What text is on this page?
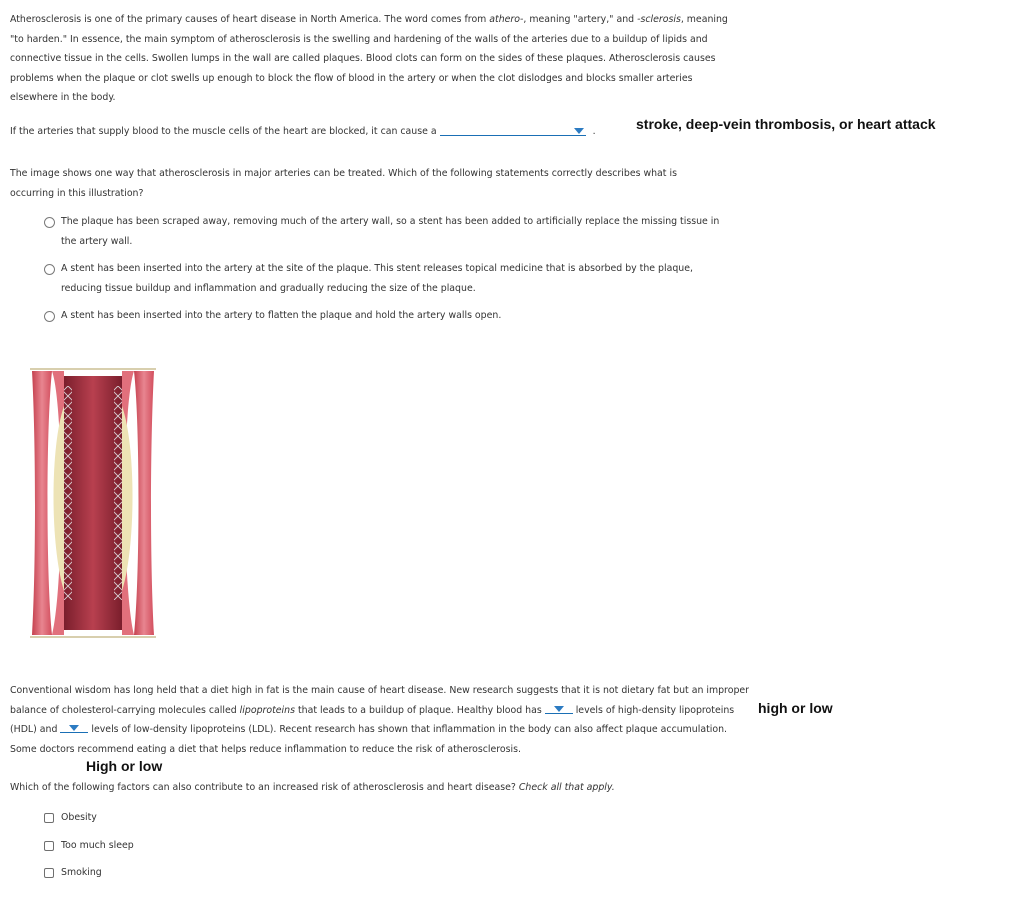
Atherosclerosis is one of the primary causes of heart disease in North America. The word comes from athero-, meaning "artery," and -sclerosis, meaning "to harden." In essence, the main symptom of atherosclerosis is the swelling and hardening of the walls of the arteries due to a buildup of lipids and connective tissue in the cells. Swollen lumps in the wall are called plaques. Blood clots can form on the sides of these plaques. Atherosclerosis causes problems when the plaque or clot swells up enough to block the flow of blood in the artery or when the clot dislodges and blocks smaller arteries elsewhere in the body.
If the arteries that supply blood to the muscle cells of the heart are blocked, it can cause a	.	stroke, deep-vein thrombosis, or heart attack
The image shows one way that atherosclerosis in major arteries can be treated. Which of the following statements correctly describes what is occurring in this illustration?
The plaque has been scraped away, removing much of the artery wall, so a stent has been added to artificially replace the missing tissue in the artery wall.
A stent has been inserted into the artery at the site of the plaque. This stent releases topical medicine that is absorbed by the plaque, reducing tissue buildup and inflammation and gradually reducing the size of the plaque.
A stent has been inserted into the artery to flatten the plaque and hold the artery walls open.
Conventional wisdom has long held that a diet high in fat is the main cause of heart disease. New research suggests that it is not dietary fat but an improper balance of cholesterol-carrying molecules called lipoproteins that leads to a buildup of plaque. Healthy blood has	levels of high-density lipoproteins (HDL) and	levels of low-density lipoproteins (LDL). Recent research has shown that inflammation in the body can also affect plaque accumulation. Some doctors recommend eating a diet that helps reduce inflammation to reduce the risk of atherosclerosis.
high or low
High or low
Which of the following factors can also contribute to an increased risk of atherosclerosis and heart disease? Check all that apply.
Obesity
Too much sleep
Smoking
